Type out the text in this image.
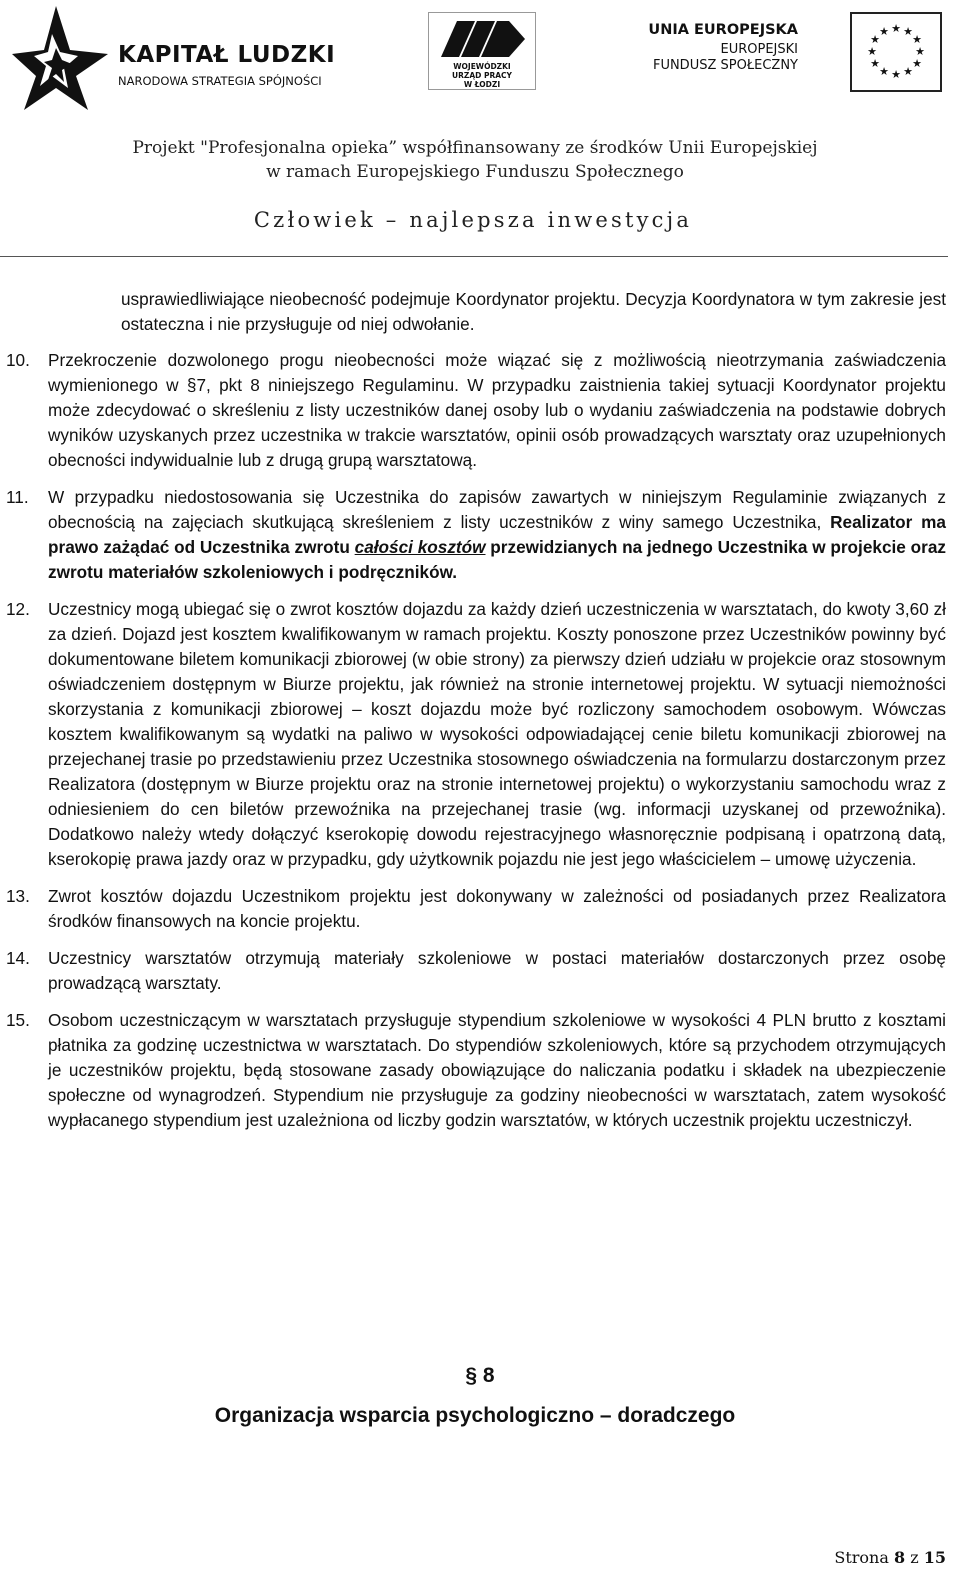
KAPITAŁ LUDZKI
NARODOWA STRATEGIA SPÓJNOŚCI
WOJEWÓDZKI
URZĄD PRACY
W ŁODZI
UNIA EUROPEJSKA
EUROPEJSKI
FUNDUSZ SPOŁECZNY
★ ★
★
★
★
★
★
★
★
★
★
★
Projekt "Profesjonalna opieka” współfinansowany ze środków Unii Europejskiej
w ramach Europejskiego Funduszu Społecznego
Człowiek – najlepsza inwestycja

usprawiedliwiające nieobecność podejmuje Koordynator projektu. Decyzja Koordynatora w tym zakresie jest ostateczna i nie przysługuje od niej odwołanie.

10. Przekroczenie dozwolonego progu nieobecności może wiązać się z możliwością nieotrzymania zaświadczenia wymienionego w §7, pkt 8 niniejszego Regulaminu. W przypadku zaistnienia takiej sytuacji Koordynator projektu może zdecydować o skreśleniu z listy uczestników danej osoby lub o wydaniu zaświadczenia na podstawie dobrych wyników uzyskanych przez uczestnika w trakcie warsztatów, opinii osób prowadzących warsztaty oraz uzupełnionych obecności indywidualnie lub z drugą grupą warsztatową.
11. W przypadku niedostosowania się Uczestnika do zapisów zawartych w niniejszym Regulaminie związanych z obecnością na zajęciach skutkującą skreśleniem z listy uczestników z winy samego Uczestnika, Realizator ma prawo zażądać od Uczestnika zwrotu całości kosztów przewidzianych na jednego Uczestnika w projekcie oraz zwrotu materiałów szkoleniowych i podręczników.
12. Uczestnicy mogą ubiegać się o zwrot kosztów dojazdu za każdy dzień uczestniczenia w warsztatach, do kwoty 3,60 zł za dzień. Dojazd jest kosztem kwalifikowanym w ramach projektu. Koszty ponoszone przez Uczestników powinny być dokumentowane biletem komunikacji zbiorowej (w obie strony) za pierwszy dzień udziału w projekcie oraz stosownym oświadczeniem dostępnym w Biurze projektu, jak również na stronie internetowej projektu. W sytuacji niemożności skorzystania z komunikacji zbiorowej – koszt dojazdu może być rozliczony samochodem osobowym. Wówczas kosztem kwalifikowanym są wydatki na paliwo w wysokości odpowiadającej cenie biletu komunikacji zbiorowej na przejechanej trasie po przedstawieniu przez Uczestnika stosownego oświadczenia na formularzu dostarczonym przez Realizatora (dostępnym w Biurze projektu oraz na stronie internetowej projektu) o wykorzystaniu samochodu wraz z odniesieniem do cen biletów przewoźnika na przejechanej trasie (wg. informacji uzyskanej od przewoźnika). Dodatkowo należy wtedy dołączyć kserokopię dowodu rejestracyjnego własnoręcznie podpisaną i opatrzoną datą, kserokopię prawa jazdy oraz w przypadku, gdy użytkownik pojazdu nie jest jego właścicielem – umowę użyczenia.
13. Zwrot kosztów dojazdu Uczestnikom projektu jest dokonywany w zależności od posiadanych przez Realizatora środków finansowych na koncie projektu.
14. Uczestnicy warsztatów otrzymują materiały szkoleniowe w postaci materiałów dostarczonych przez osobę prowadzącą warsztaty.
15. Osobom uczestniczącym w warsztatach przysługuje stypendium szkoleniowe w wysokości 4 PLN brutto z kosztami płatnika za godzinę uczestnictwa w warsztatach. Do stypendiów szkoleniowych, które są przychodem otrzymujących je uczestników projektu, będą stosowane zasady obowiązujące do naliczania podatku i składek na ubezpieczenie społeczne od wynagrodzeń. Stypendium nie przysługuje za godziny nieobecności w warsztatach, zatem wysokość wypłacanego stypendium jest uzależniona od liczby godzin warsztatów, w których uczestnik projektu uczestniczył.
§ 8
Organizacja wsparcia psychologiczno – doradczego
Strona 8 z 15
